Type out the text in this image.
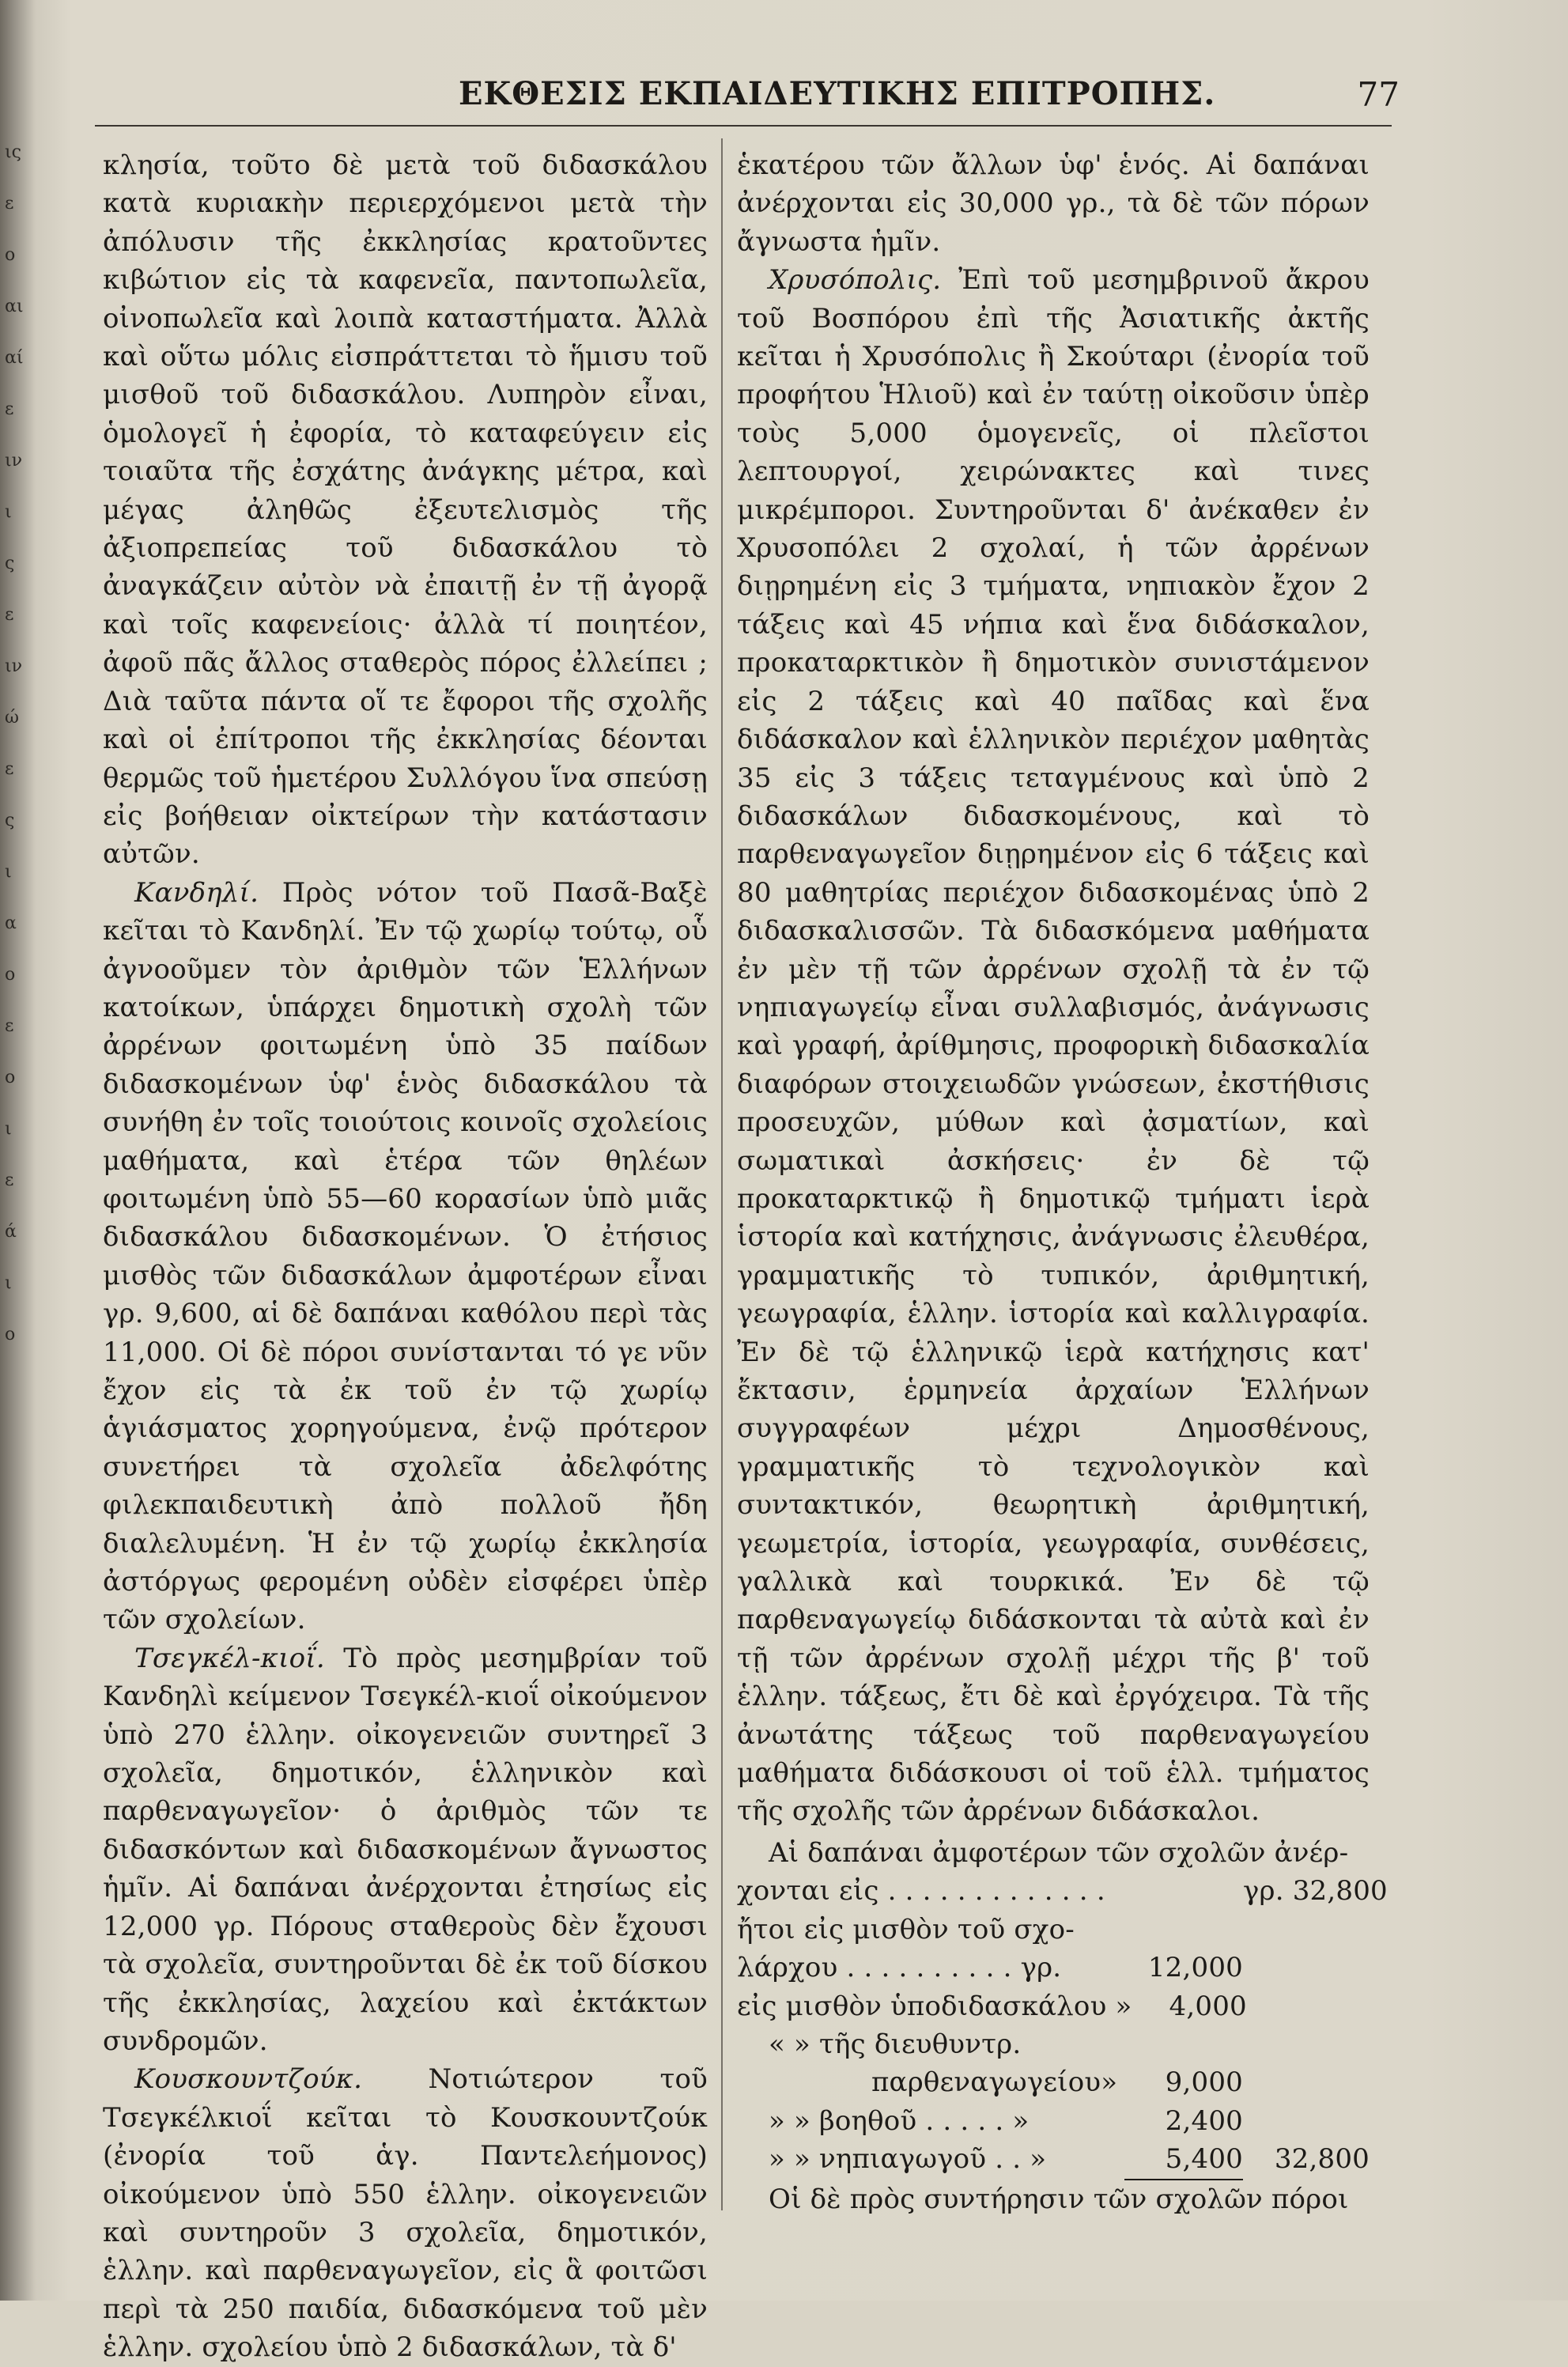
ις
ε
ο
αι
αί
ε
ιν
ι
ς
ε
ιν
ώ
ε
ς
ι
α
ο
ε
ο
ι
ε
ά
ι
ο
ΕΚΘΕΣΙΣ ΕΚΠΑΙΔΕΥΤΙΚΗΣ ΕΠΙΤΡΟΠΗΣ.	77

κλησία, τοῦτο δὲ μετὰ τοῦ διδασκάλου κατὰ κυριακὴν περιερχόμενοι μετὰ τὴν ἀπόλυσιν τῆς ἐκκλησίας κρατοῦντες κιβώτιον εἰς τὰ καφενεῖα, παντοπωλεῖα, οἰνοπωλεῖα καὶ λοιπὰ καταστήματα. Ἀλλὰ καὶ οὕτω μόλις εἰσπράττεται τὸ ἥμισυ τοῦ μισθοῦ τοῦ διδασκάλου. Λυπηρὸν εἶναι, ὁμολογεῖ ἡ ἐφορία, τὸ καταφεύγειν εἰς τοιαῦτα τῆς ἐσχάτης ἀνάγκης μέτρα, καὶ μέγας ἀληθῶς ἐξευτελισμὸς τῆς ἀξιοπρεπείας τοῦ διδασκάλου τὸ ἀναγκάζειν αὐτὸν νὰ ἐπαιτῇ ἐν τῇ ἀγορᾷ καὶ τοῖς καφενείοις· ἀλλὰ τί ποιητέον, ἀφοῦ πᾶς ἄλλος σταθερὸς πόρος ἐλλείπει ; Διὰ ταῦτα πάντα οἵ τε ἔφοροι τῆς σχολῆς καὶ οἱ ἐπίτροποι τῆς ἐκκλησίας δέονται θερμῶς τοῦ ἡμετέρου Συλλόγου ἵνα σπεύσῃ εἰς βοήθειαν οἰκτείρων τὴν κατάστασιν αὐτῶν.

Κανδηλί. Πρὸς νότον τοῦ Πασᾶ-Βαξὲ κεῖται τὸ Κανδηλί. Ἐν τῷ χωρίῳ τούτῳ, οὗ ἀγνοοῦμεν τὸν ἀριθμὸν τῶν Ἑλλήνων κατοίκων, ὑπάρχει δημοτικὴ σχολὴ τῶν ἀρρένων φοιτωμένη ὑπὸ 35 παίδων διδασκομένων ὑφ' ἑνὸς διδασκάλου τὰ συνήθη ἐν τοῖς τοιούτοις κοινοῖς σχολείοις μαθήματα, καὶ ἑτέρα τῶν θηλέων φοιτωμένη ὑπὸ 55—60 κορασίων ὑπὸ μιᾶς διδασκάλου διδασκομένων. Ὁ ἐτήσιος μισθὸς τῶν διδασκάλων ἀμφοτέρων εἶναι γρ. 9,600, αἱ δὲ δαπάναι καθόλου περὶ τὰς 11,000. Οἱ δὲ πόροι συνίστανται τό γε νῦν ἔχον εἰς τὰ ἐκ τοῦ ἐν τῷ χωρίῳ ἁγιάσματος χορηγούμενα, ἐνῷ πρότερον συνετήρει τὰ σχολεῖα ἀδελφότης φιλεκπαιδευτικὴ ἀπὸ πολλοῦ ἤδη διαλελυμένη. Ἡ ἐν τῷ χωρίῳ ἐκκλησία ἀστόργως φερομένη οὐδὲν εἰσφέρει ὑπὲρ τῶν σχολείων.

Τσεγκέλ-κιοΐ. Τὸ πρὸς μεσημβρίαν τοῦ Κανδηλὶ κείμενον Τσεγκέλ-κιοΐ οἰκούμενον ὑπὸ 270 ἑλλην. οἰκογενειῶν συντηρεῖ 3 σχολεῖα, δημοτικόν, ἑλληνικὸν καὶ παρθεναγωγεῖον· ὁ ἀριθμὸς τῶν τε διδασκόντων καὶ διδασκομένων ἄγνωστος ἡμῖν. Αἱ δαπάναι ἀνέρχονται ἐτησίως εἰς 12,000 γρ. Πόρους σταθεροὺς δὲν ἔχουσι τὰ σχολεῖα, συντηροῦνται δὲ ἐκ τοῦ δίσκου τῆς ἐκκλησίας, λαχείου καὶ ἐκτάκτων συνδρομῶν.

Κουσκουντζούκ. Νοτιώτερον τοῦ Τσεγκέλκιοΐ κεῖται τὸ Κουσκουντζούκ (ἐνορία τοῦ ἁγ. Παντελεήμονος) οἰκούμενον ὑπὸ 550 ἑλλην. οἰκογενειῶν καὶ συντηροῦν 3 σχολεῖα, δημοτικόν, ἑλλην. καὶ παρθεναγωγεῖον, εἰς ἃ φοιτῶσι περὶ τὰ 250 παιδία, διδασκόμενα τοῦ μὲν ἑλλην. σχολείου ὑπὸ 2 διδασκάλων, τὰ δ'

ἑκατέρου τῶν ἄλλων ὑφ' ἑνός. Αἱ δαπάναι ἀνέρχονται εἰς 30,000 γρ., τὰ δὲ τῶν πόρων ἄγνωστα ἡμῖν.

Χρυσόπολις. Ἐπὶ τοῦ μεσημβρινοῦ ἄκρου τοῦ Βοσπόρου ἐπὶ τῆς Ἀσιατικῆς ἀκτῆς κεῖται ἡ Χρυσόπολις ἢ Σκούταρι (ἐνορία τοῦ προφήτου Ἡλιοῦ) καὶ ἐν ταύτῃ οἰκοῦσιν ὑπὲρ τοὺς 5,000 ὁμογενεῖς, οἱ πλεῖστοι λεπτουργοί, χειρώνακτες καὶ τινες μικρέμποροι. Συντηροῦνται δ' ἀνέκαθεν ἐν Χρυσοπόλει 2 σχολαί, ἡ τῶν ἀρρένων διῃρημένη εἰς 3 τμήματα, νηπιακὸν ἔχον 2 τάξεις καὶ 45 νήπια καὶ ἕνα διδάσκαλον, προκαταρκτικὸν ἢ δημοτικὸν συνιστάμενον εἰς 2 τάξεις καὶ 40 παῖδας καὶ ἕνα διδάσκαλον καὶ ἑλληνικὸν περιέχον μαθητὰς 35 εἰς 3 τάξεις τεταγμένους καὶ ὑπὸ 2 διδασκάλων διδασκομένους, καὶ τὸ παρθεναγωγεῖον διῃρημένον εἰς 6 τάξεις καὶ 80 μαθητρίας περιέχον διδασκομένας ὑπὸ 2 διδασκαλισσῶν. Τὰ διδασκόμενα μαθήματα ἐν μὲν τῇ τῶν ἀρρένων σχολῇ τὰ ἐν τῷ νηπιαγωγείῳ εἶναι συλλαβισμός, ἀνάγνωσις καὶ γραφή, ἀρίθμησις, προφορικὴ διδασκαλία διαφόρων στοιχειωδῶν γνώσεων, ἐκστήθισις προσευχῶν, μύθων καὶ ᾀσματίων, καὶ σωματικαὶ ἀσκήσεις· ἐν δὲ τῷ προκαταρκτικῷ ἢ δημοτικῷ τμήματι ἱερὰ ἱστορία καὶ κατήχησις, ἀνάγνωσις ἐλευθέρα, γραμματικῆς τὸ τυπικόν, ἀριθμητική, γεωγραφία, ἑλλην. ἱστορία καὶ καλλιγραφία. Ἐν δὲ τῷ ἑλληνικῷ ἱερὰ κατήχησις κατ' ἔκτασιν, ἑρμηνεία ἀρχαίων Ἑλλήνων συγγραφέων μέχρι Δημοσθένους, γραμματικῆς τὸ τεχνολογικὸν καὶ συντακτικόν, θεωρητικὴ ἀριθμητική, γεωμετρία, ἱστορία, γεωγραφία, συνθέσεις, γαλλικὰ καὶ τουρκικά. Ἐν δὲ τῷ παρθεναγωγείῳ διδάσκονται τὰ αὐτὰ καὶ ἐν τῇ τῶν ἀρρένων σχολῇ μέχρι τῆς β' τοῦ ἑλλην. τάξεως, ἔτι δὲ καὶ ἐργόχειρα. Τὰ τῆς ἀνωτάτης τάξεως τοῦ παρθεναγωγείου μαθήματα διδάσκουσι οἱ τοῦ ἑλλ. τμήματος τῆς σχολῆς τῶν ἀρρένων διδάσκαλοι.

Αἱ δαπάναι ἀμφοτέρων τῶν σχολῶν ἀνέρ-

χονται εἰς . . . . . . . . . . . . .	γρ. 32,800
ἤτοι εἰς μισθὸν τοῦ σχο-
λάρχου . . . . . . . . . . γρ.	12,000
εἰς μισθὸν ὑποδιδασκάλου »	4,000
« » τῆς διευθυντρ.
παρθεναγωγείου»	9,000
» » βοηθοῦ . . . . . »	2,400
» » νηπιαγωγοῦ . . »	5,400	32,800

Οἱ δὲ πρὸς συντήρησιν τῶν σχολῶν πόροι
